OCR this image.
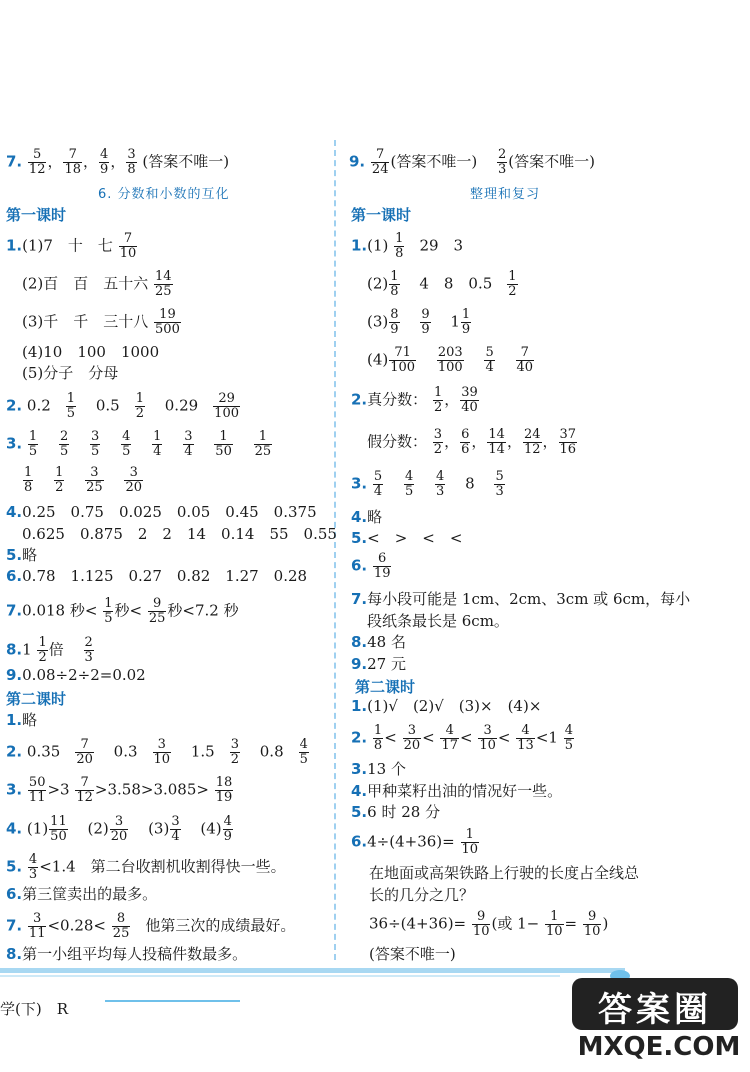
7. $\frac{5}{12}$ ， $\frac{7}{18}$ ， $\frac{4}{9}$ ， $\frac{3}{8}$ (答案不唯一)
6. 分数和小数的互化
第一课时
1.(1)7　十　七 $\frac{7}{10}$
(2)百　百　五十六 $\frac{14}{25}$
(3)千　千　三十八 $\frac{19}{500}$
(4)10　100　1000
(5)分子　分母
2. $0.2 \frac{1}{5} 0.5 \frac{1}{2} 0.29 \frac{29}{100}$
3. $\frac{1}{5}$
$\frac{2}{5}$
$\frac{3}{5}$
$\frac{4}{5}$
$\frac{1}{4}$
$\frac{3}{4}$
$\frac{1}{50}$
$\frac{1}{25}$
$\frac{1}{8}$
$\frac{1}{2}$
$\frac{3}{25}$
$\frac{3}{20}$
4.0.25　0.75　0.025　0.05　0.45　0.375
0.625　0.875　2　2　14　0.14　55　0.55
5.略
6.0.78　1.125　0.27　0.82　1.27　0.28
7.0.018 秒< $\frac{1}{5}$ 秒< $\frac{9}{25}$ 秒<7.2 秒
$8.1 \frac{1}{2}$ 倍 $\frac{2}{3}$
9.0.08÷2÷2=0.02
第二课时
1.略
2. $0.35 \frac{7}{20} 0.3 \frac{3}{10} 1.5 \frac{3}{2} 0.8 \frac{4}{5}$
3. $\frac{50}{11} >3 \frac{7}{12} >3.58>3.085> \frac{18}{19}$
4. $(1) \frac{11}{50} (2) \frac{3}{20} (3) \frac{3}{4} (4) \frac{4}{9}$
5. $\frac{4}{3} <1.4$　第二台收割机收割得快一些。
6.第三筐卖出的最多。
7. $\frac{3}{11} <0.28< \frac{8}{25}$ 他第三次的成绩最好。
8.第一小组平均每人投稿件数最多。
9. $\frac{7}{24}$ (答案不唯一) $\frac{2}{3}$ (答案不唯一)
整理和复习
第一课时
$1.(1) \frac{1}{8} 29$　3
$(2) \frac{1}{8} 4$　8　$0.5 \frac{1}{2}$
$(3) \frac{8}{9}$
$\frac{9}{9} 1 \frac{1}{9}$
$(4) \frac{71}{100}$
$\frac{203}{100}$
$\frac{5}{4}$
$\frac{7}{40}$
2.真分数： $\frac{1}{2}$ ， $\frac{39}{40}$
假分数： $\frac{3}{2}$ ， $\frac{6}{6}$ ， $\frac{14}{14}$ ， $\frac{24}{12}$ ， $\frac{37}{16}$
3. $\frac{5}{4}$
$\frac{4}{5}$
$\frac{4}{3} 8 \frac{5}{3}$
4.略
5.<　>　<　<
6. $\frac{6}{19}$
7.每小段可能是 1cm、2cm、3cm 或 6cm，每小
段纸条最长是 6cm。
8.48 名
9.27 元
第二课时
1.(1)√　(2)√　(3)×　(4)×
2. $\frac{1}{8} < \frac{3}{20} < \frac{4}{17} < \frac{3}{10} < \frac{4}{13} <1 \frac{4}{5}$
3.13 个
4.甲种菜籽出油的情况好一些。
5.6 时 28 分
$6.4\div(4+36)= \frac{1}{10}$
在地面或高架铁路上行驶的长度占全线总
长的几分之几？
$36\div(4+36)= \frac{9}{10}$ (或 $1- \frac{1}{10} = \frac{9}{10}$ )
(答案不唯一)
学(下)　R	答案圈
MXQE.COM
